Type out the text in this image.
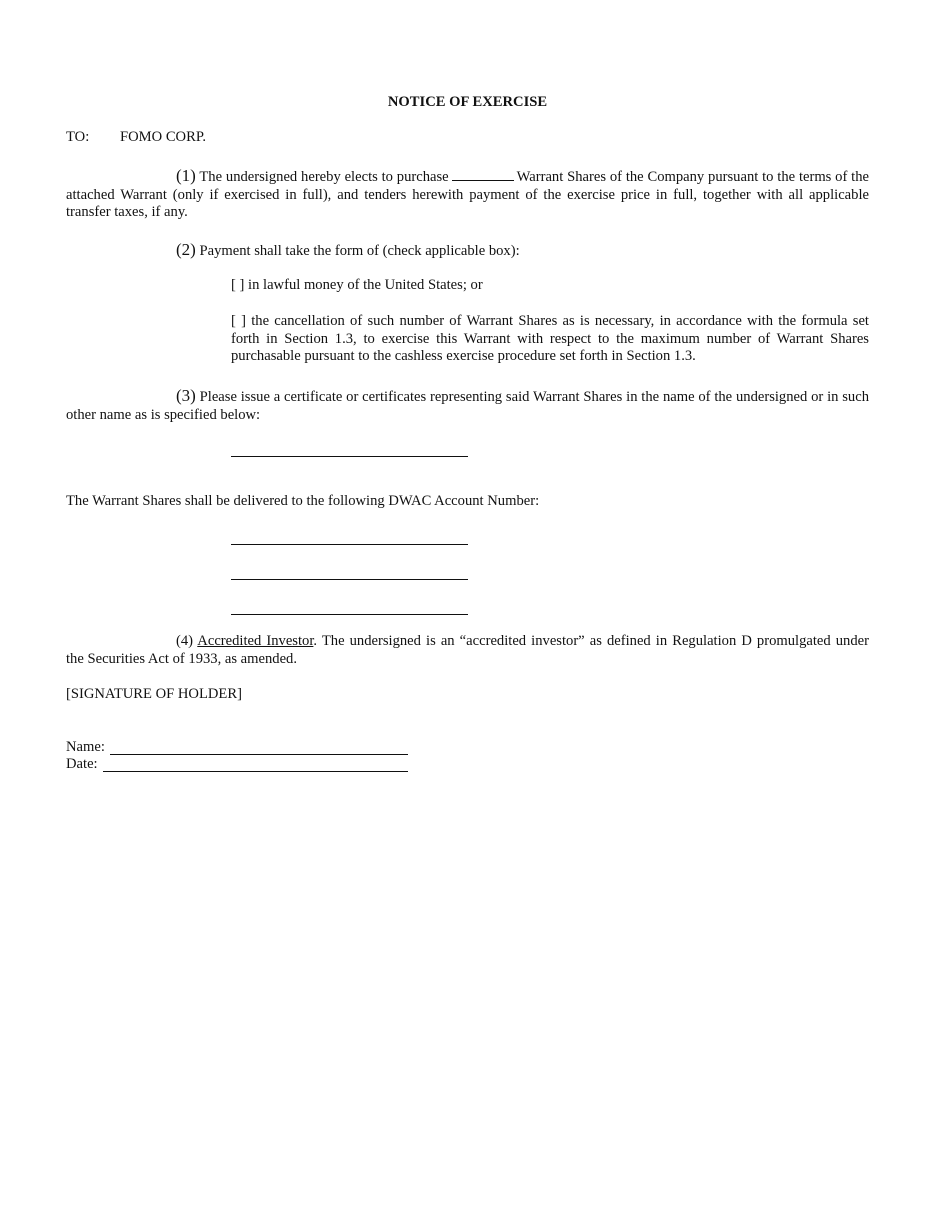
NOTICE OF EXERCISE
TO: FOMO CORP.
(1) The undersigned hereby elects to purchase	Warrant Shares of the Company pursuant to the terms of the attached Warrant (only if exercised in full), and tenders herewith payment of the exercise price in full, together with all applicable transfer taxes, if any.
(2) Payment shall take the form of (check applicable box):
[ ] in lawful money of the United States; or
[ ] the cancellation of such number of Warrant Shares as is necessary, in accordance with the formula set forth in Section 1.3, to exercise this Warrant with respect to the maximum number of Warrant Shares purchasable pursuant to the cashless exercise procedure set forth in Section 1.3.
(3) Please issue a certificate or certificates representing said Warrant Shares in the name of the undersigned or in such other name as is specified below:
The Warrant Shares shall be delivered to the following DWAC Account Number:
(4) Accredited Investor. The undersigned is an “accredited investor” as defined in Regulation D promulgated under the Securities Act of 1933, as amended.
[SIGNATURE OF HOLDER]
Name:
Date:
